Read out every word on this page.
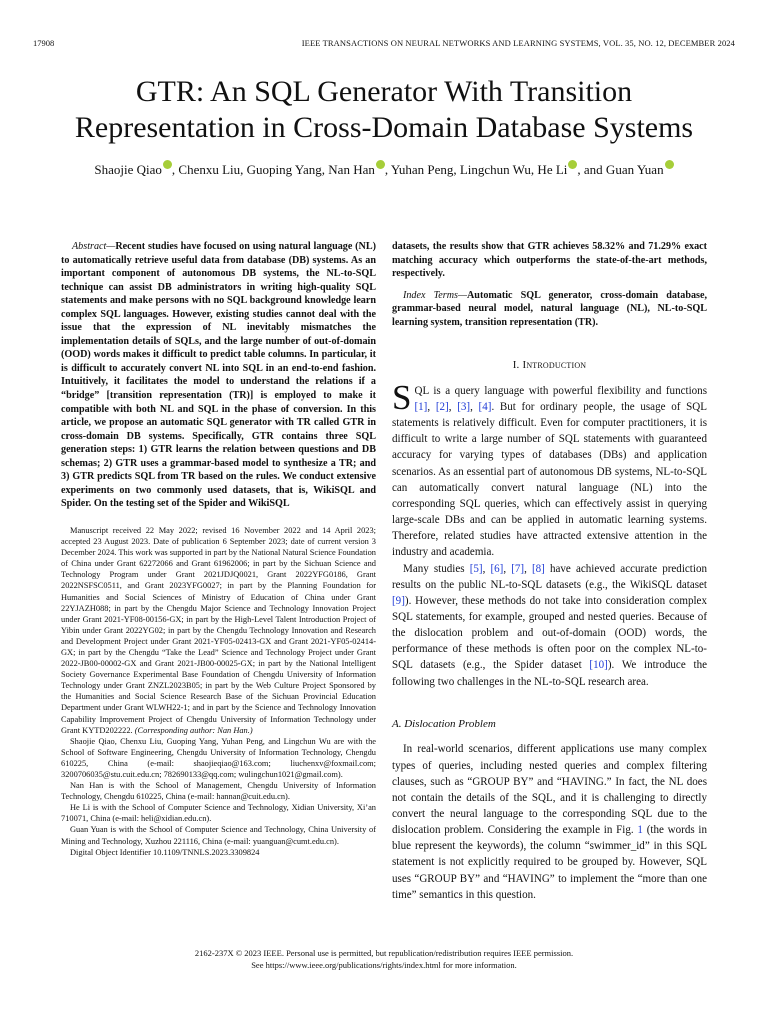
17908	IEEE TRANSACTIONS ON NEURAL NETWORKS AND LEARNING SYSTEMS, VOL. 35, NO. 12, DECEMBER 2024
GTR: An SQL Generator With Transition
Representation in Cross-Domain Database Systems
Shaojie Qiao , Chenxu Liu, Guoping Yang, Nan Han , Yuhan Peng, Lingchun Wu, He Li , and Guan Yuan
Abstract—Recent studies have focused on using natural language (NL) to automatically retrieve useful data from database (DB) systems. As an important component of autonomous DB systems, the NL-to-SQL technique can assist DB administrators in writing high-quality SQL statements and make persons with no SQL background knowledge learn complex SQL languages. However, existing studies cannot deal with the issue that the expression of NL inevitably mismatches the implementation details of SQLs, and the large number of out-of-domain (OOD) words makes it difficult to predict table columns. In particular, it is difficult to accurately convert NL into SQL in an end-to-end fashion. Intuitively, it facilitates the model to understand the relations if a “bridge” [transition representation (TR)] is employed to make it compatible with both NL and SQL in the phase of conversion. In this article, we propose an automatic SQL generator with TR called GTR in cross-domain DB systems. Specifically, GTR contains three SQL generation steps: 1) GTR learns the relation between questions and DB schemas; 2) GTR uses a grammar-based model to synthesize a TR; and 3) GTR predicts SQL from TR based on the rules. We conduct extensive experiments on two commonly used datasets, that is, WikiSQL and Spider. On the testing set of the Spider and WikiSQL

Manuscript received 22 May 2022; revised 16 November 2022 and 14 April 2023; accepted 23 August 2023. Date of publication 6 September 2023; date of current version 3 December 2024. This work was supported in part by the National Natural Science Foundation of China under Grant 62272066 and Grant 61962006; in part by the Sichuan Science and Technology Program under Grant 2021JDJQ0021, Grant 2022YFG0186, Grant 2022NSFSC0511, and Grant 2023YFG0027; in part by the Planning Foundation for Humanities and Social Sciences of Ministry of Education of China under Grant 22YJAZH088; in part by the Chengdu Major Science and Technology Innovation Project under Grant 2021-YF08-00156-GX; in part by the High-Level Talent Introduction Project of Yibin under Grant 2022YG02; in part by the Chengdu Technology Innovation and Research and Development Project under Grant 2021-YF05-02413-GX and Grant 2021-YF05-02414-GX; in part by the Chengdu “Take the Lead” Science and Technology Project under Grant 2022-JB00-00002-GX and Grant 2021-JB00-00025-GX; in part by the National Intelligent Society Governance Experimental Base Foundation of Chengdu University of Information Technology under Grant ZNZL2023B05; in part by the Web Culture Project Sponsored by the Humanities and Social Science Research Base of the Sichuan Provincial Education Department under Grant WLWH22-1; and in part by the Science and Technology Innovation Capability Improvement Project of Chengdu University of Information Technology under Grant KYTD202222. (Corresponding author: Nan Han.)

Shaojie Qiao, Chenxu Liu, Guoping Yang, Yuhan Peng, and Lingchun Wu are with the School of Software Engineering, Chengdu University of Information Technology, Chengdu 610225, China (e-mail: shaojieqiao@163.com; liuchenxv@foxmail.com; 3200706035@stu.cuit.edu.cn; 782690133@qq.com; wulingchun1021@gmail.com).

Nan Han is with the School of Management, Chengdu University of Information Technology, Chengdu 610225, China (e-mail: hannan@cuit.edu.cn).

He Li is with the School of Computer Science and Technology, Xidian University, Xi’an 710071, China (e-mail: heli@xidian.edu.cn).

Guan Yuan is with the School of Computer Science and Technology, China University of Mining and Technology, Xuzhou 221116, China (e-mail: yuanguan@cumt.edu.cn).

Digital Object Identifier 10.1109/TNNLS.2023.3309824

datasets, the results show that GTR achieves 58.32% and 71.29% exact matching accuracy which outperforms the state-of-the-art methods, respectively.
Index Terms—Automatic SQL generator, cross-domain database, grammar-based neural model, natural language (NL), NL-to-SQL learning system, transition representation (TR).
I. Introduction

SQL is a query language with powerful flexibility and functions [1], [2], [3], [4]. But for ordinary people, the usage of SQL statements is relatively difficult. Even for computer practitioners, it is difficult to write a large number of SQL statements with guaranteed accuracy for varying types of databases (DBs) and application scenarios. As an essential part of autonomous DB systems, NL-to-SQL can automatically convert natural language (NL) into the corresponding SQL queries, which can effectively assist in querying large-scale DBs and can be applied in automatic learning systems. Therefore, related studies have attracted extensive attention in the industry and academia.

Many studies [5], [6], [7], [8] have achieved accurate prediction results on the public NL-to-SQL datasets (e.g., the WikiSQL dataset [9]). However, these methods do not take into consideration complex SQL statements, for example, grouped and nested queries. Because of the dislocation problem and out-of-domain (OOD) words, the performance of these methods is often poor on the complex NL-to-SQL datasets (e.g., the Spider dataset [10]). We introduce the following two challenges in the NL-to-SQL research area.

A. Dislocation Problem

In real-world scenarios, different applications use many complex types of queries, including nested queries and complex filtering clauses, such as “GROUP BY” and “HAVING.” In fact, the NL does not contain the details of the SQL, and it is challenging to directly convert the neural language to the corresponding SQL due to the dislocation problem. Considering the example in Fig. 1 (the words in blue represent the keywords), the column “swimmer_id” in this SQL statement is not explicitly required to be grouped by. However, SQL uses “GROUP BY” and “HAVING” to implement the “more than one time” semantics in this question.

2162-237X © 2023 IEEE. Personal use is permitted, but republication/redistribution requires IEEE permission.
See https://www.ieee.org/publications/rights/index.html for more information.
